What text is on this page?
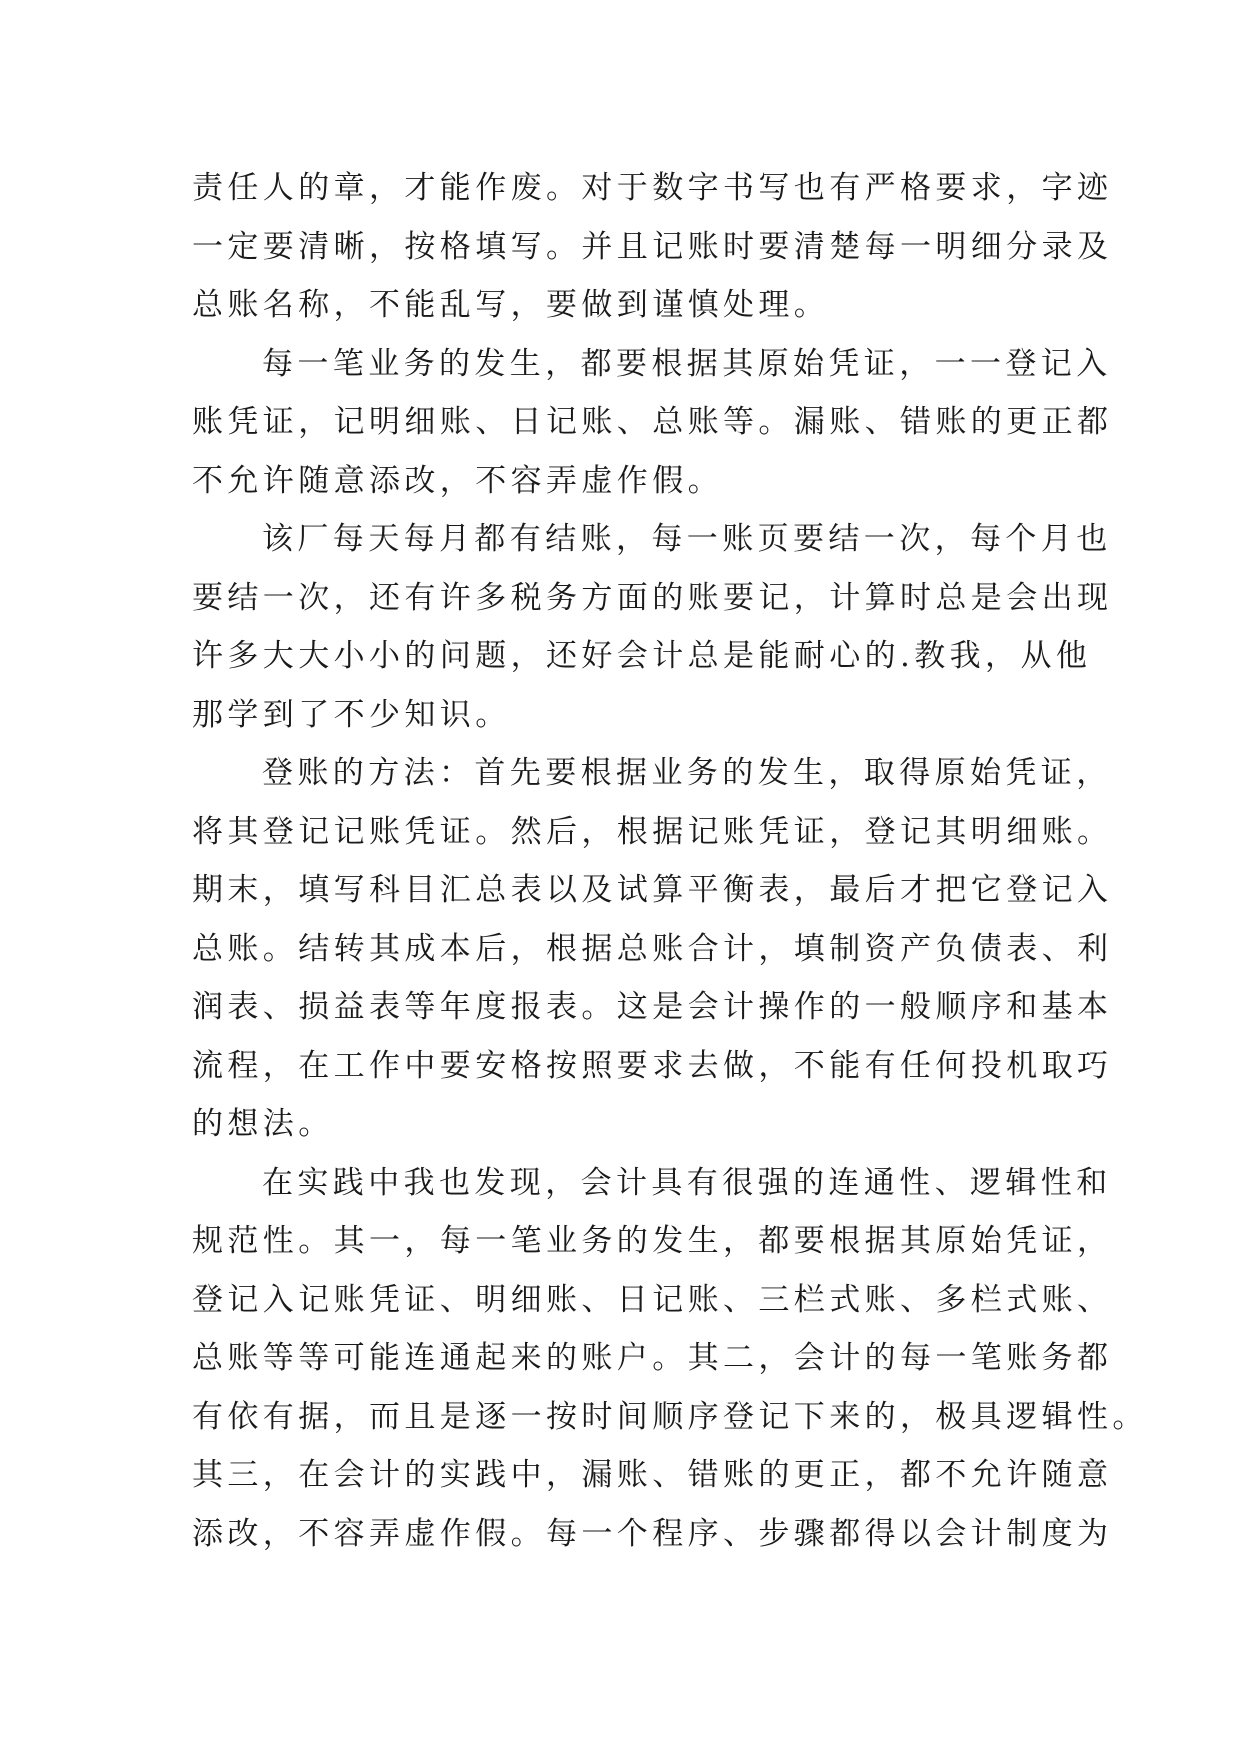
责任人的章，才能作废。对于数字书写也有严格要求，字迹
一定要清晰，按格填写。并且记账时要清楚每一明细分录及
总账名称，不能乱写，要做到谨慎处理。
每一笔业务的发生，都要根据其原始凭证，一一登记入
账凭证，记明细账、日记账、总账等。漏账、错账的更正都
不允许随意添改，不容弄虚作假。
该厂每天每月都有结账，每一账页要结一次，每个月也
要结一次，还有许多税务方面的账要记，计算时总是会出现
许多大大小小的问题，还好会计总是能耐心的.教我，从他
那学到了不少知识。
登账的方法：首先要根据业务的发生，取得原始凭证，
将其登记记账凭证。然后，根据记账凭证，登记其明细账。
期末，填写科目汇总表以及试算平衡表，最后才把它登记入
总账。结转其成本后，根据总账合计，填制资产负债表、利
润表、损益表等年度报表。这是会计操作的一般顺序和基本
流程，在工作中要安格按照要求去做，不能有任何投机取巧
的想法。
在实践中我也发现，会计具有很强的连通性、逻辑性和
规范性。其一，每一笔业务的发生，都要根据其原始凭证，
登记入记账凭证、明细账、日记账、三栏式账、多栏式账、
总账等等可能连通起来的账户。其二，会计的每一笔账务都
有依有据，而且是逐一按时间顺序登记下来的，极具逻辑性。
其三，在会计的实践中，漏账、错账的更正，都不允许随意
添改，不容弄虚作假。每一个程序、步骤都得以会计制度为
